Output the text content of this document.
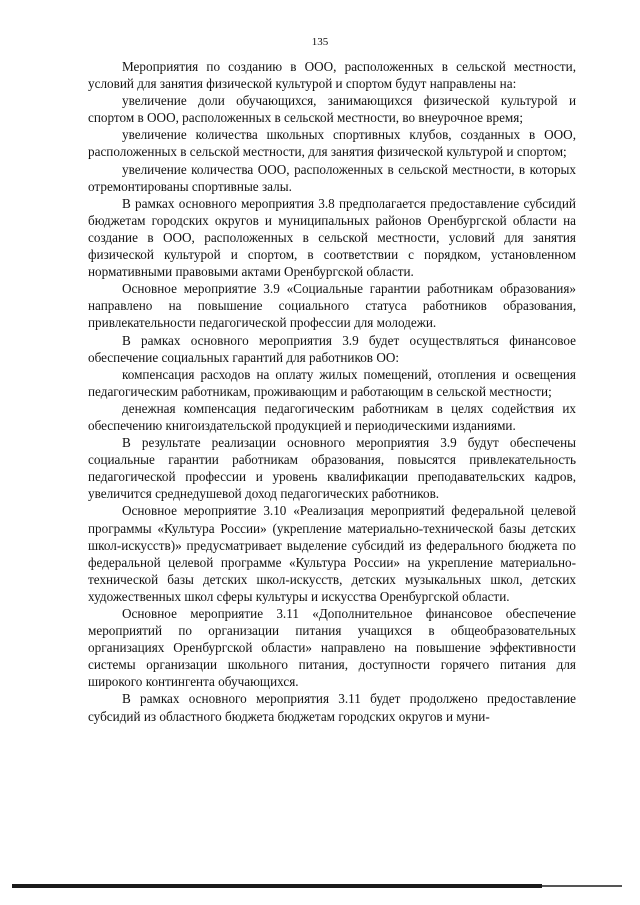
135

Мероприятия по созданию в ООО, расположенных в сельской местности, условий для занятия физической культурой и спортом будут направлены на:

увеличение доли обучающихся, занимающихся физической культурой и спортом в ООО, расположенных в сельской местности, во внеурочное время;

увеличение количества школьных спортивных клубов, созданных в ООО, расположенных в сельской местности, для занятия физической культурой и спортом;

увеличение количества ООО, расположенных в сельской местности, в которых отремонтированы спортивные залы.

В рамках основного мероприятия 3.8 предполагается предоставление субсидий бюджетам городских округов и муниципальных районов Оренбургской области на создание в ООО, расположенных в сельской местности, условий для занятия физической культурой и спортом, в соответствии с порядком, установленном нормативными правовыми актами Оренбургской области.

Основное мероприятие 3.9 «Социальные гарантии работникам образования» направлено на повышение социального статуса работников образования, привлекательности педагогической профессии для молодежи.

В рамках основного мероприятия 3.9 будет осуществляться финансовое обеспечение социальных гарантий для работников ОО:

компенсация расходов на оплату жилых помещений, отопления и освещения педагогическим работникам, проживающим и работающим в сельской местности;

денежная компенсация педагогическим работникам в целях содействия их обеспечению книгоиздательской продукцией и периодическими изданиями.

В результате реализации основного мероприятия 3.9 будут обеспечены социальные гарантии работникам образования, повысятся привлекательность педагогической профессии и уровень квалификации преподавательских кадров, увеличится среднедушевой доход педагогических работников.

Основное мероприятие 3.10 «Реализация мероприятий федеральной целевой программы «Культура России» (укрепление материально-технической базы детских школ-искусств)» предусматривает выделение субсидий из федерального бюджета по федеральной целевой программе «Культура России» на укрепление материально-технической базы детских школ-искусств, детских музыкальных школ, детских художественных школ сферы культуры и искусства Оренбургской области.

Основное мероприятие 3.11 «Дополнительное финансовое обеспечение мероприятий по организации питания учащихся в общеобразовательных организациях Оренбургской области» направлено на повышение эффективности системы организации школьного питания, доступности горячего питания для широкого контингента обучающихся.

В рамках основного мероприятия 3.11 будет продолжено предоставление субсидий из областного бюджета бюджетам городских округов и муни-
